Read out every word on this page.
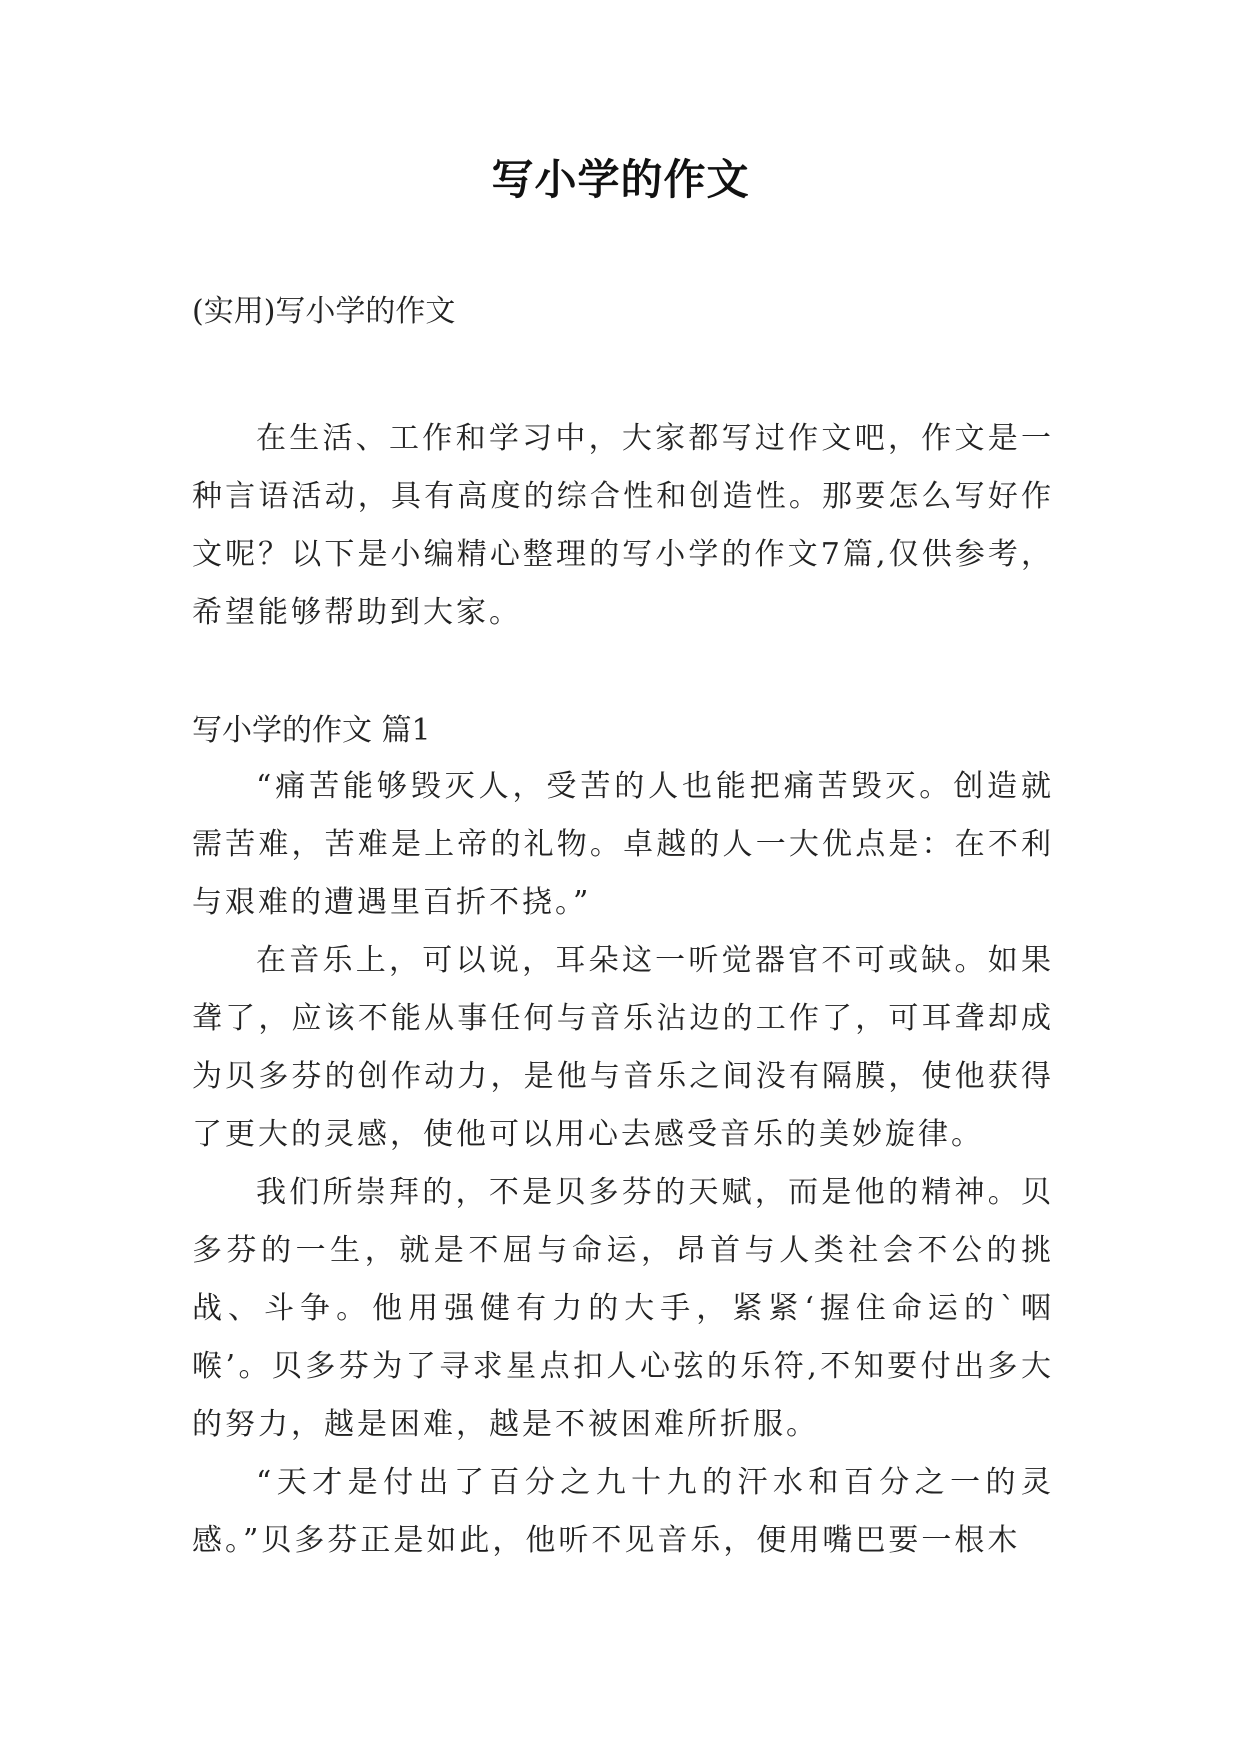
写小学的作文
(实用)写小学的作文

在生活、工作和学习中，大家都写过作文吧，作文是一种言语活动，具有高度的综合性和创造性。那要怎么写好作文呢？以下是小编精心整理的写小学的作文7篇,仅供参考，希望能够帮助到大家。

写小学的作文 篇1

“痛苦能够毁灭人，受苦的人也能把痛苦毁灭。创造就需苦难，苦难是上帝的礼物。卓越的人一大优点是：在不利与艰难的遭遇里百折不挠。”

在音乐上，可以说，耳朵这一听觉器官不可或缺。如果聋了，应该不能从事任何与音乐沾边的工作了，可耳聋却成为贝多芬的创作动力，是他与音乐之间没有隔膜，使他获得了更大的灵感，使他可以用心去感受音乐的美妙旋律。

我们所崇拜的，不是贝多芬的天赋，而是他的精神。贝多芬的一生，就是不屈与命运，昂首与人类社会不公的挑战、斗争。他用强健有力的大手，紧紧‘握住命运的`咽喉’。贝多芬为了寻求星点扣人心弦的乐符,不知要付出多大的努力，越是困难，越是不被困难所折服。

“天才是付出了百分之九十九的汗水和百分之一的灵感。”贝多芬正是如此，他听不见音乐，便用嘴巴要一根木
